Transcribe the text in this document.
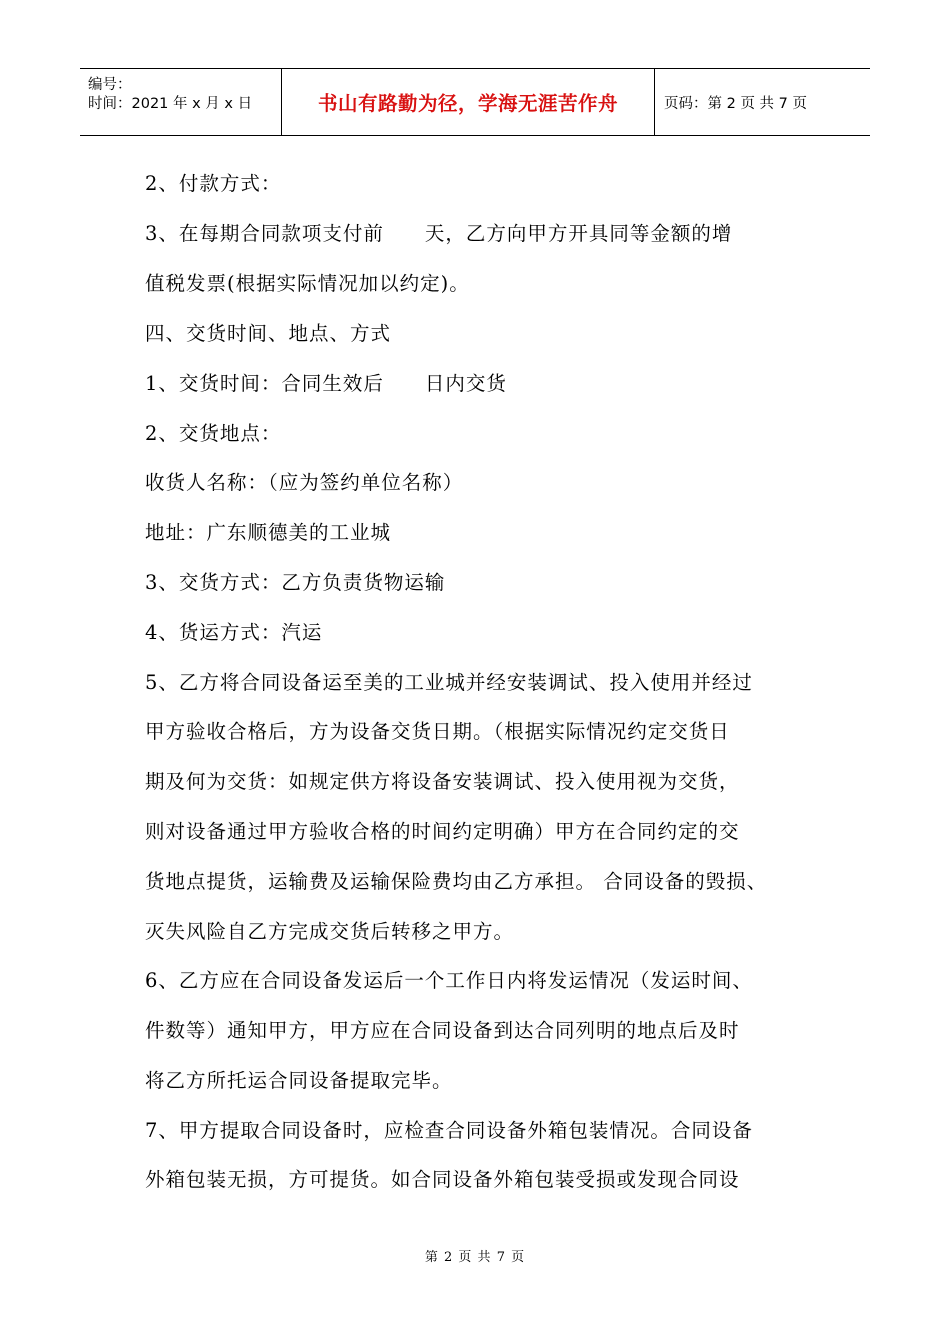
编号：
时间：2021 年 x 月 x 日	书山有路勤为径，学海无涯苦作舟	页码：第 2 页 共 7 页
2、付款方式：
3、在每期合同款项支付前　　天，乙方向甲方开具同等金额的增
值税发票(根据实际情况加以约定)。
四、交货时间、地点、方式
1、交货时间：合同生效后　　日内交货
2、交货地点：
收货人名称：（应为签约单位名称）
地址：广东顺德美的工业城
3、交货方式：乙方负责货物运输
4、货运方式：汽运
5、乙方将合同设备运至美的工业城并经安装调试、投入使用并经过
甲方验收合格后，方为设备交货日期。（根据实际情况约定交货日
期及何为交货：如规定供方将设备安装调试、投入使用视为交货，
则对设备通过甲方验收合格的时间约定明确）甲方在合同约定的交
货地点提货，运输费及运输保险费均由乙方承担。 合同设备的毁损、
灭失风险自乙方完成交货后转移之甲方。
6、乙方应在合同设备发运后一个工作日内将发运情况（发运时间、
件数等）通知甲方，甲方应在合同设备到达合同列明的地点后及时
将乙方所托运合同设备提取完毕。
7、甲方提取合同设备时，应检查合同设备外箱包装情况。合同设备
外箱包装无损，方可提货。如合同设备外箱包装受损或发现合同设
第 2 页 共 7 页
